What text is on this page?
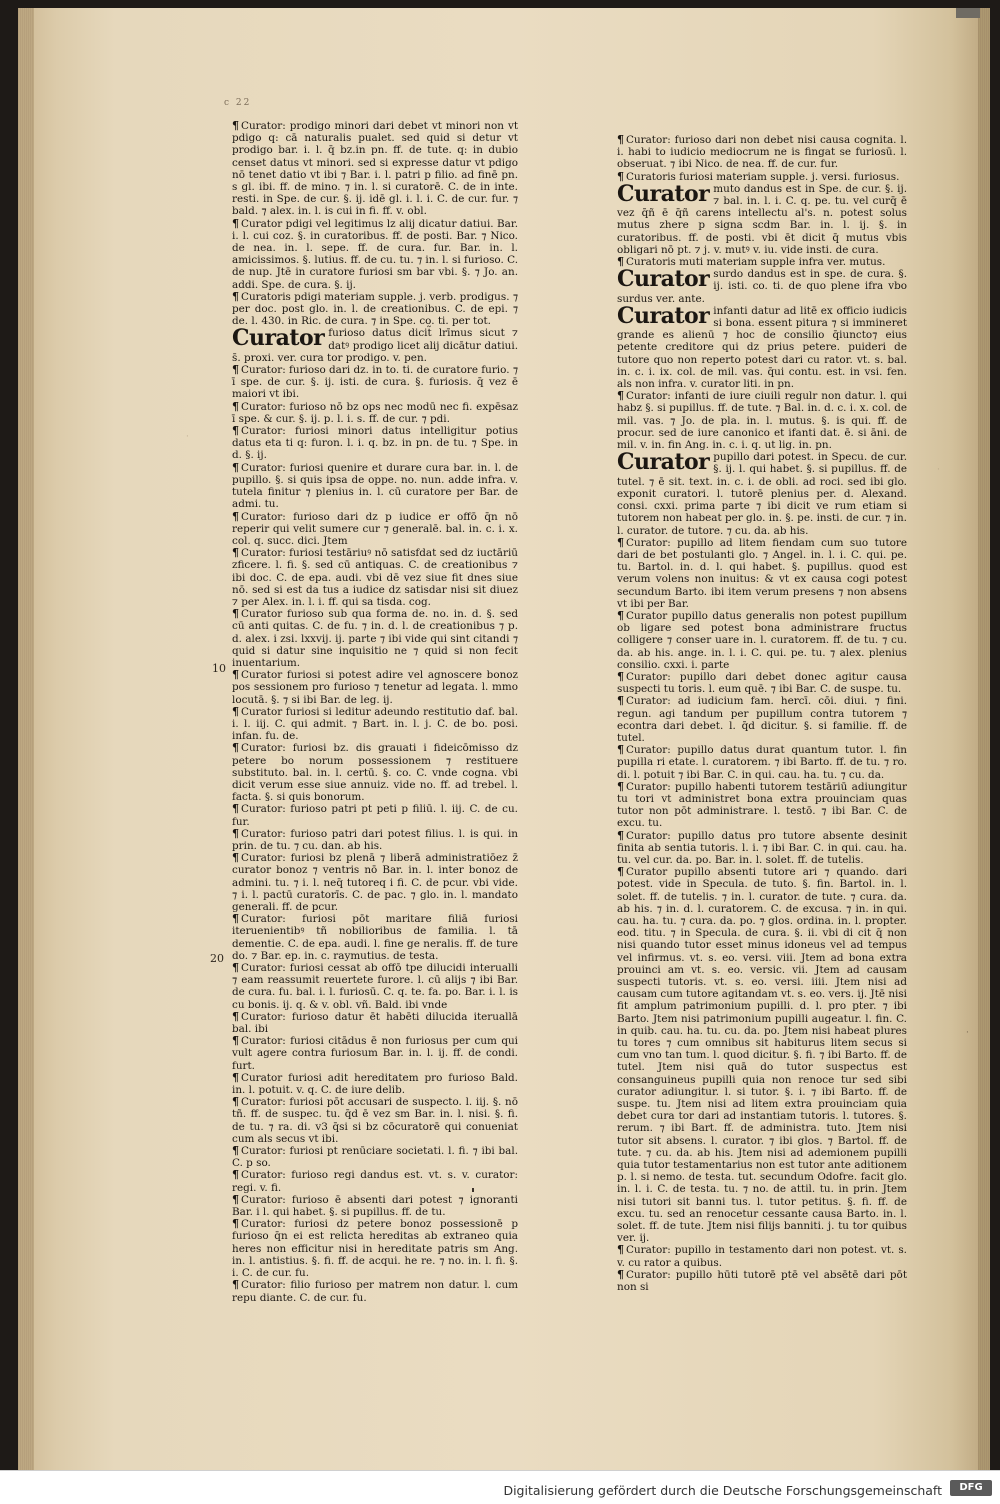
c 22
·
·

¶ Curator: prodigo minori dari debet vt minori non vt pdigo q: cā naturalis pualet. sed quid si detur vt prodigo bar. i. l. q̄ bz.in pn. ff. de tute. q: in dubio censet datus vt minori. sed si expresse datur vt pdigo nō tenet datio vt ibi ⁊ Bar. i. l. patri p filio. ad finē pn. s gl. ibi. ff. de mino. ⁊ in. l. si curatorē. C. de in inte. resti. in Spe. de cur. §. ij. idē gl. i. l. i. C. de cur. fur. ⁊ bald. ⁊ alex. in. l. is cui in fi. ff. v. obl.

¶ Curator pdigi vel legitimus lz alij dicatur datiui. Bar. i. l. cui coz. §. in curatoribus. ff. de posti. Bar. ⁊ Nico. de nea. in. l. sepe. ff. de cura. fur. Bar. in. l. amicissimos. §. lutius. ff. de cu. tu. ⁊ in. l. si furioso. C. de nup. Jtē in curatore furiosi sm bar vbi. §. ⁊ Jo. an. addi. Spe. de cura. §. ij.

¶ Curatoris pdigi materiam supple. j. verb. prodigus. ⁊ per doc. post glo. in. l. de creationibus. C. de epi. ⁊ de. l. 430. in Ric. de cura. ⁊ in Spe. co. ti. per tot.

Curator furioso datus dicit̃ lrīmus sicut ⁊ datꝰ prodigo licet alij dicātur datiui. s̄. proxi. ver. cura tor prodigo. v. pen.

¶ Curator: furioso dari dz. in to. ti. de curatore furio. ⁊ ī spe. de cur. §. ij. isti. de cura. §. furiosis. q̄ vez ē maiori vt ibi.

¶ Curator: furioso nō bz ops nec modū nec fi. expēsaz ī spe. & cur. §. ij. p. l. i. s. ff. de cur. ⁊ pdi.

¶ Curator: furiosi minori datus intelligitur potius datus eta ti q: furon. l. i. q. bz. in pn. de tu. ⁊ Spe. in d. §. ij.

¶ Curator: furiosi quenire et durare cura bar. in. l. de pupillo. §. si quis ipsa de oppe. no. nun. adde infra. v. tutela finitur ⁊ plenius in. l. cū curatore per Bar. de admi. tu.

¶ Curator: furioso dari dz p iudice er offō q̄n nō reperir qui velit sumere cur ⁊ generalē. bal. in. c. i. x. col. q. succ. dici. Jtem

¶ Curator: furiosi testāriuꝰ nō satisfdat sed dz iuctāriū zficere. l. fi. §. sed cū antiquas. C. de creationibus ⁊ ibi doc. C. de epa. audi. vbi dē vez siue fit dnes siue nō. sed si est da tus a iudice dz satisdar nisi sit diuez ⁊ per Alex. in. l. i. ff. qui sa tisda. cog.

¶ Curator furioso sub qua forma de. no. in. d. §. sed cū anti quitas. C. de fu. ⁊ in. d. l. de creationibus ⁊ p. d. alex. i zsi. lxxvij. ij. parte ⁊ ibi vide qui sint citandi ⁊ quid si datur sine inquisitio ne ⁊ quid si non fecit inuentarium.

¶ Curator furiosi si potest adire vel agnoscere bonoz pos sessionem pro furioso ⁊ tenetur ad legata. l. mmo locutā. §. ⁊ si ibi Bar. de leg. ij.

¶ Curator furiosi si leditur adeundo restitutio daf. bal. i. l. iij. C. qui admit. ⁊ Bart. in. l. j. C. de bo. posi. infan. fu. de.

¶ Curator: furiosi bz. dis grauati i fideicōmisso dz petere bo norum possessionem ⁊ restituere substituto. bal. in. l. certū. §. co. C. vnde cogna. vbi dicit verum esse siue annuiz. vide no. ff. ad trebel. l. facta. §. si quis bonorum.

¶ Curator: furioso patri pt peti p filiū. l. iij. C. de cu. fur.

¶ Curator: furioso patri dari potest filius. l. is qui. in prin. de tu. ⁊ cu. dan. ab his.

¶ Curator: furiosi bz plenā ⁊ liberā administratiōez z̄ curator bonoz ⁊ ventris nō Bar. in. l. inter bonoz de admini. tu. ⁊ i. l. neq̄ tutoreq i fi. C. de pcur. vbi vide. ⁊ i. l. pactū curatorīs. C. de pac. ⁊ glo. in. l. mandato generali. ff. de pcur.

¶ Curator: furiosi pōt maritare filiā furiosi iteruenientibꝰ tñ nobilioribus de familia. l. tā dementie. C. de epa. audi. l. fine ge neralis. ff. de ture do. ⁊ Bar. ep. in. c. raymutius. de testa.

¶ Curator: furiosi cessat ab offō tpe dilucidi interualli ⁊ eam reassumit reuertete furore. l. cū alijs ⁊ ibi Bar. de cura. fu. bal. i. l. furiosū. C. q. te. fa. po. Bar. i. l. is cu bonis. ij. q. & v. obl. vñ. Bald. ibi vnde

¶ Curator: furioso datur ēt habēti dilucida iteruallā bal. ibi

¶ Curator: furiosi citādus ē non furiosus per cum qui vult agere contra furiosum Bar. in. l. ij. ff. de condi. furt.

¶ Curator furiosi adit hereditatem pro furioso Bald. in. l. potuit. v. q. C. de iure delib.

¶ Curator: furiosi pōt accusari de suspecto. l. iij. §. nō tñ. ff. de suspec. tu. q̄d ē vez sm Bar. in. l. nisi. §. fi. de tu. ⁊ ra. di. v3 q̄si si bz cōcuratorē qui conueniat cum als secus vt ibi.

¶ Curator: furiosi pt renūciare societati. l. fi. ⁊ ibi bal. C. p so.

¶ Curator: furioso regi dandus est. vt. s. v. curator: regi. v. fi.

¶ Curator: furioso ē absenti dari potest ⁊ ignoranti Bar. i l. qui habet. §. si pupillus. ff. de tu.

¶ Curator: furiosi dz petere bonoz possessionē p furioso q̄n ei est relicta hereditas ab extraneo quia heres non efficitur nisi in hereditate patris sm Ang. in. l. antistius. §. fi. ff. de acqui. he re. ⁊ no. in. l. fi. §. i. C. de cur. fu.

¶ Curator: filio furioso per matrem non datur. l. cum repu diante. C. de cur. fu.

¶ Curator: furioso dari non debet nisi causa cognita. l. i. habi to iudicio mediocrum ne is fingat se furiosū. l. obseruat. ⁊ ibi Nico. de nea. ff. de cur. fur.

¶ Curatoris furiosi materiam supple. j. versi. furiosus.

Curator muto dandus est in Spe. de cur. §. ij. ⁊ bal. in. l. i. C. q. pe. tu. vel curq̄ ē vez q̄ñ ē q̄ñ carens intellectu al's. n. potest solus mutus zhere p signa scdm Bar. in. l. ij. §. in curatoribus. ff. de posti. vbi ēt dicit q̄ mutus vbis obligari nō pt. ⁊ j. v. mutꝰ v. iu. vide insti. de cura.

¶ Curatoris muti materiam supple infra ver. mutus.

Curator surdo dandus est in spe. de cura. §. ij. isti. co. ti. de quo plene ifra vbo surdus ver. ante.

Curator infanti datur ad litē ex officio iudicis si bona. essent pitura ⁊ si immineret grande es alienū ⁊ hoc de consilio q̄iuncto⁊ eius petente creditore qui dz prius petere. puideri de tutore quo non reperto potest dari cu rator. vt. s. bal. in. c. i. ix. col. de mil. vas. q̄ui contu. est. in vsi. fen. als non infra. v. curator liti. in pn.

¶ Curator: infanti de iure ciuili regulr non datur. l. qui habz §. si pupillus. ff. de tute. ⁊ Bal. in. d. c. i. x. col. de mil. vas. ⁊ Jo. de pla. in. l. mutus. §. is qui. ff. de procur. sed de iure canonico et ifanti dat. ē. si āni. de mil. v. in. fin Ang. in. c. i. q. ut lig. in. pn.

Curator pupillo dari potest. in Specu. de cur. §. ij. l. qui habet. §. si pupillus. ff. de tutel. ⁊ ē sit. text. in. c. i. de obli. ad roci. sed ibi glo. exponit curatori. l. tutorē plenius per. d. Alexand. consi. cxxi. prima parte ⁊ ibi dicit ve rum etiam si tutorem non habeat per glo. in. §. pe. insti. de cur. ⁊ in. l. curator. de tutore. ⁊ cu. da. ab his.

¶ Curator: pupillo ad litem fiendam cum suo tutore dari de bet postulanti glo. ⁊ Angel. in. l. i. C. qui. pe. tu. Bartol. in. d. l. qui habet. §. pupillus. quod est verum volens non inuitus: & vt ex causa cogi potest secundum Barto. ibi item verum presens ⁊ non absens vt ibi per Bar.

¶ Curator pupillo datus generalis non potest pupillum ob ligare sed potest bona administrare fructus colligere ⁊ conser uare in. l. curatorem. ff. de tu. ⁊ cu. da. ab his. ange. in. l. i. C. qui. pe. tu. ⁊ alex. plenius consilio. cxxi. i. parte

¶ Curator: pupillo dari debet donec agitur causa suspecti tu toris. l. eum quē. ⁊ ibi Bar. C. de suspe. tu.

¶ Curator: ad iudicium fam. hercī. cōi. diui. ⁊ fini. regun. agi tandum per pupillum contra tutorem ⁊ econtra dari debet. l. q̄d dicitur. §. si familie. ff. de tutel.

¶ Curator: pupillo datus durat quantum tutor. l. fin pupilla ri etate. l. curatorem. ⁊ ibi Barto. ff. de tu. ⁊ ro. di. l. potuit ⁊ ibi Bar. C. in qui. cau. ha. tu. ⁊ cu. da.

¶ Curator: pupillo habenti tutorem testāriū adiungitur tu tori vt administret bona extra prouinciam quas tutor non pōt administrare. l. testō. ⁊ ibi Bar. C. de excu. tu.

¶ Curator: pupillo datus pro tutore absente desinit finita ab sentia tutoris. l. i. ⁊ ibi Bar. C. in qui. cau. ha. tu. vel cur. da. po. Bar. in. l. solet. ff. de tutelis.

¶ Curator pupillo absenti tutore ari ⁊ quando. dari potest. vide in Specula. de tuto. §. fin. Bartol. in. l. solet. ff. de tutelis. ⁊ in. l. curator. de tute. ⁊ cura. da. ab his. ⁊ in. d. l. curatorem. C. de excusa. ⁊ in. in qui. cau. ha. tu. ⁊ cura. da. po. ⁊ glos. ordina. in. l. propter. eod. titu. ⁊ in Specula. de cura. §. ii. vbi di cit q̄ non nisi quando tutor esset minus idoneus vel ad tempus vel infirmus. vt. s. eo. versi. viii. Jtem ad bona extra prouinci am vt. s. eo. versic. vii. Jtem ad causam suspecti tutoris. vt. s. eo. versi. iiii. Jtem nisi ad causam cum tutore agitandam vt. s. eo. vers. ij. Jtē nisi fit amplum patrimonium pupilli. d. l. pro pter. ⁊ ibi Barto. Jtem nisi patrimonium pupilli augeatur. l. fin. C. in quib. cau. ha. tu. cu. da. po. Jtem nisi habeat plures tu tores ⁊ cum omnibus sit habiturus litem secus si cum vno tan tum. l. quod dicitur. §. fi. ⁊ ibi Barto. ff. de tutel. Jtem nisi quā do tutor suspectus est consanguineus pupilli quia non renoce tur sed sibi curator adiungitur. l. si tutor. §. i. ⁊ ibi Barto. ff. de suspe. tu. Jtem nisi ad litem extra prouinciam quia debet cura tor dari ad instantiam tutoris. l. tutores. §. rerum. ⁊ ibi Bart. ff. de administra. tuto. Jtem nisi tutor sit absens. l. curator. ⁊ ibi glos. ⁊ Bartol. ff. de tute. ⁊ cu. da. ab his. Jtem nisi ad ademionem pupilli quia tutor testamentarius non est tutor ante aditionem p. l. si nemo. de testa. tut. secundum Odofre. facit glo. in. l. i. C. de testa. tu. ⁊ no. de attil. tu. in prin. Jtem nisi tutori sit banni tus. l. tutor petitus. §. fi. ff. de excu. tu. sed an renocetur cessante causa Barto. in. l. solet. ff. de tute. Jtem nisi filijs banniti. j. tu tor quibus ver. ij.

¶ Curator: pupillo in testamento dari non potest. vt. s. v. cu rator a quibus.

¶ Curator: pupillo hūti tutorē ptē vel absētē dari pōt non si

10
20
·
Digitalisierung gefördert durch die Deutsche Forschungsgemeinschaft	DFG
